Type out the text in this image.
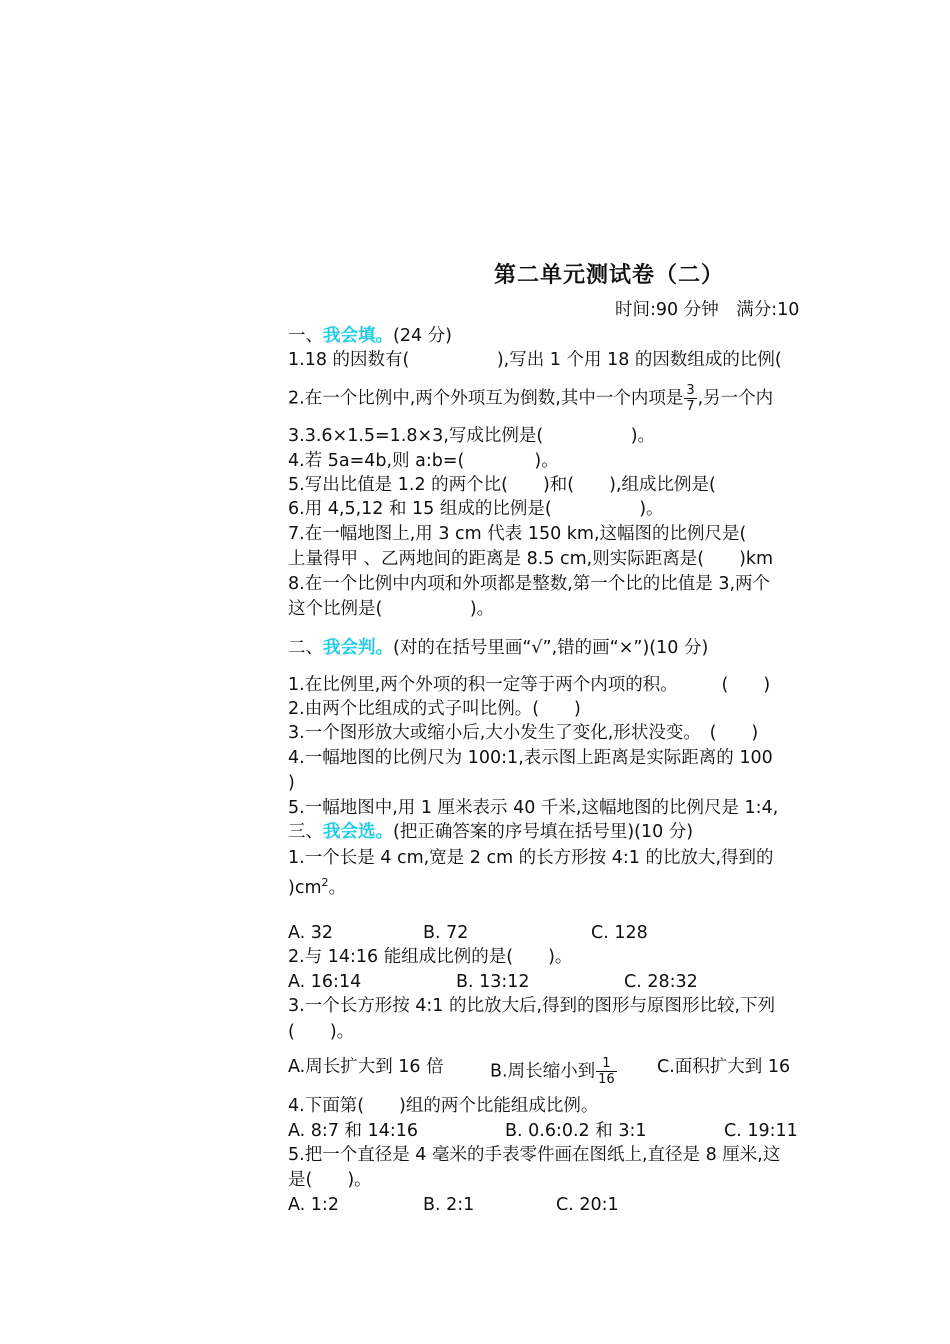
第二单元测试卷（二）
时间:90 分钟　满分:10
一、我会填。(24 分)
1.18 的因数有(　　　　　),写出 1 个用 18 的因数组成的比例(
2.在一个比例中,两个外项互为倒数,其中一个内项是 $\frac{3}{7}$ ,另一个内
3.3.6×1.5=1.8×3,写成比例是(　　　　　)。
4.若 5a=4b,则 a:b=(　　　　)。
5.写出比值是 1.2 的两个比(　　)和(　　),组成比例是(
6.用 4,5,12 和 15 组成的比例是(　　　　　)。
7.在一幅地图上,用 3 cm 代表 150 km,这幅图的比例尺是(
上量得甲 、乙两地间的距离是 8.5 cm,则实际距离是(　　)km
8.在一个比例中内项和外项都是整数,第一个比的比值是 3,两个
这个比例是(　　　　　)。
二、我会判。(对的在括号里画“√”,错的画“×”)(10 分)
1.在比例里,两个外项的积一定等于两个内项的积。　　　(　　)
2.由两个比组成的式子叫比例。(　　)
3.一个图形放大或缩小后,大小发生了变化,形状没变。　(　　)
4.一幅地图的比例尺为 100:1,表示图上距离是实际距离的 100
)
5.一幅地图中,用 1 厘米表示 40 千米,这幅地图的比例尺是 1:4,
三、我会选。(把正确答案的序号填在括号里)(10 分)
1.一个长是 4 cm,宽是 2 cm 的长方形按 4:1 的比放大,得到的
)$cm^2$。
A. 32	B. 72	C. 128
2.与 14:16 能组成比例的是(　　)。
A. 16:14	B. 13:12	C. 28:32
3.一个长方形按 4:1 的比放大后,得到的图形与原图形比较,下列
(　　)。
A.周长扩大到 16 倍	B.周长缩小到 $\frac{1}{16} C$.面积扩大到 16
4.下面第(　　)组的两个比能组成比例。
A. 8:7 和 14:16	B. 0.6:0.2 和 3:1	C. 19:11
5.把一个直径是 4 毫米的手表零件画在图纸上,直径是 8 厘米,这
是(　　)。
A. 1:2	B. 2:1	C. 20:1
